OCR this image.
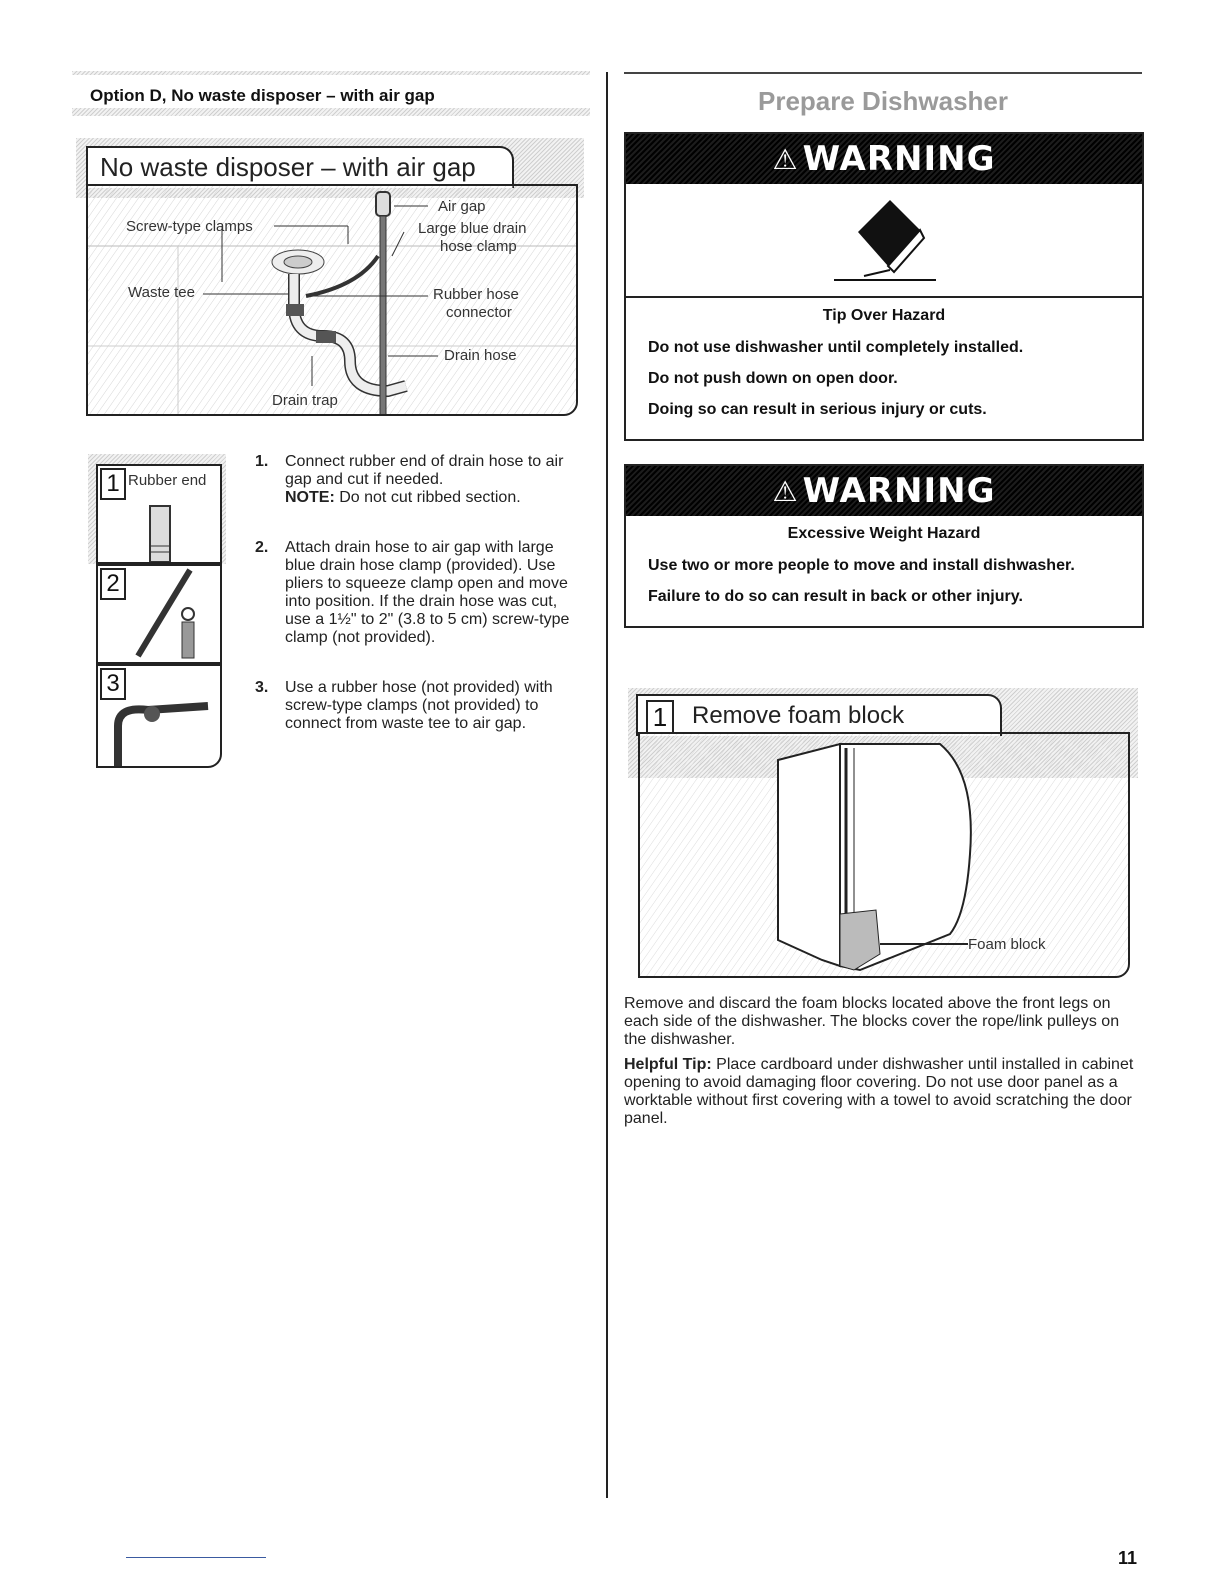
Option D, No waste disposer – with air gap
No waste disposer – with air gap
Air gap
Screw-type clamps	Large blue drain
hose clamp
Waste tee	Rubber hose
connector
Drain hose
Drain trap
1 Rubber end
2
3
1.	Connect rubber end of drain hose to air gap and cut if needed.
NOTE: Do not cut ribbed section.
2.	Attach drain hose to air gap with large blue drain hose clamp (provided). Use pliers to squeeze clamp open and move into position. If the drain hose was cut, use a 1½" to 2" (3.8 to 5 cm) screw-type clamp (not provided).
3.	Use a rubber hose (not provided) with screw-type clamps (not provided) to connect from waste tee to air gap.
Prepare Dishwasher
⚠ WARNING

Tip Over Hazard

Do not use dishwasher until completely installed.

Do not push down on open door.

Doing so can result in serious injury or cuts.

⚠ WARNING

Excessive Weight Hazard

Use two or more people to move and install dishwasher.

Failure to do so can result in back or other injury.

1 Remove foam block
Foam block
Remove and discard the foam blocks located above the front legs on each side of the dishwasher. The blocks cover the rope/link pulleys on the dishwasher.
Helpful Tip: Place cardboard under dishwasher until installed in cabinet opening to avoid damaging floor covering. Do not use door panel as a worktable without first covering with a towel to avoid scratching the door panel.
11
